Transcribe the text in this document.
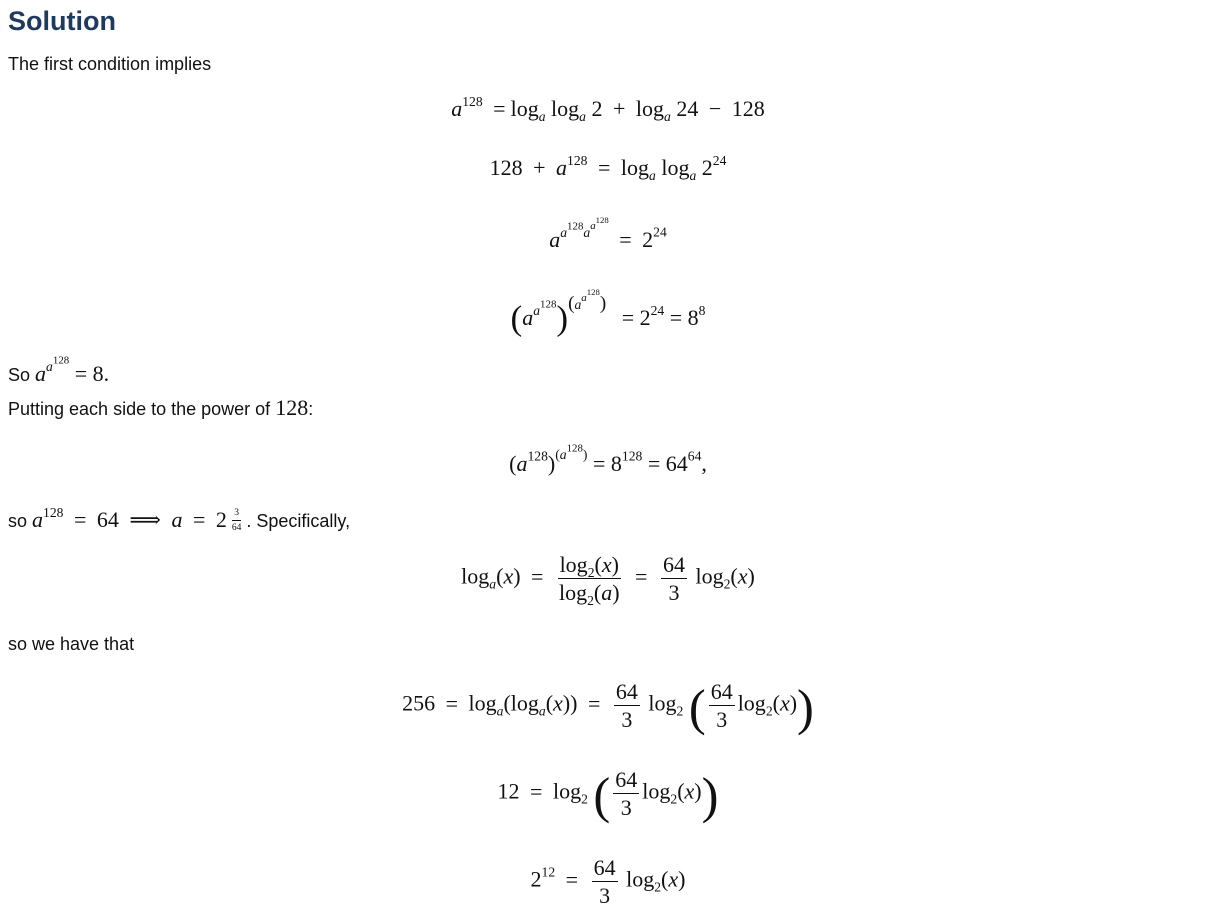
Solution
The first condition implies
$a^{128} = \log_a \log_a 2 + \log_a 24 - 128$
$128 + a^{128} = \log_a \log_a 2^{24}$
$a^{a^{128}a^{a^{128}}} = 2^{24}$
$(a^{a^{128}})^{(a^{a^{128}})} = 2^{24} = 8^8$
So $a^{a^{128}} = 8$.
Putting each side to the power of 128:
$(a^{128})^{(a^{128})} = 8^{128} = 64^{64}$,
so $a^{128} = 64$ ⟹ a = 2 $^{\frac{3}{64}}$ . Specifically,
$\log_a(x) = \frac{\log_2(x)}{\log_2(a)} = \frac{64}{3} \log_2(x)$
so we have that
$256 = \log_a(\log_a(x)) = \frac{64}{3} \log_2$ ( $\frac{64}{3} \log_2(x)$)
$12 = \log_2$ ( $\frac{64}{3} \log_2(x)$)
$2^{12} = \frac{64}{3} \log_2(x)$
